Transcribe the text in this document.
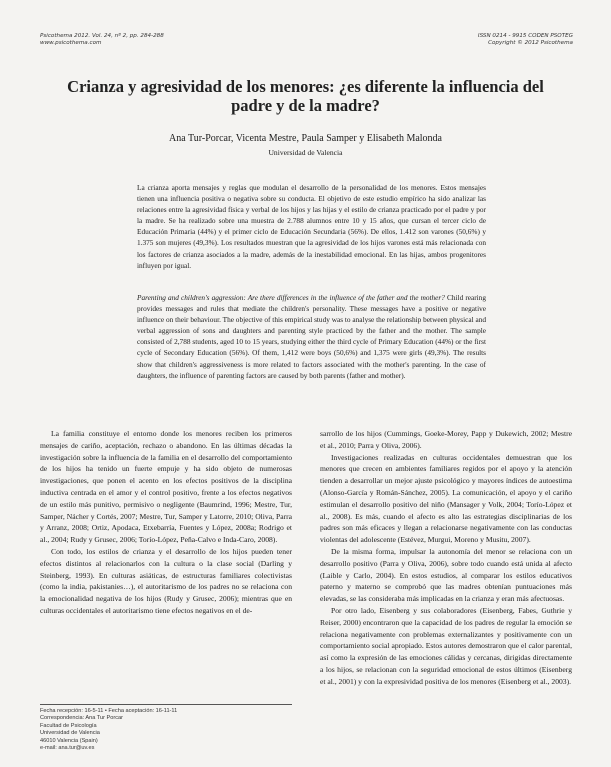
Psicothema 2012. Vol. 24, nº 2, pp. 284-288
www.psicothema.com
ISSN 0214 - 9915 CODEN PSOTEG
Copyright © 2012 Psicothema
Crianza y agresividad de los menores: ¿es diferente la influencia del padre y de la madre?
Ana Tur-Porcar, Vicenta Mestre, Paula Samper y Elisabeth Malonda
Universidad de Valencia

La crianza aporta mensajes y reglas que modulan el desarrollo de la personalidad de los menores. Estos mensajes tienen una influencia positiva o negativa sobre su conducta. El objetivo de este estudio empírico ha sido analizar las relaciones entre la agresividad física y verbal de los hijos y las hijas y el estilo de crianza practicado por el padre y por la madre. Se ha realizado sobre una muestra de 2.788 alumnos entre 10 y 15 años, que cursan el tercer ciclo de Educación Primaria (44%) y el primer ciclo de Educación Secundaria (56%). De ellos, 1.412 son varones (50,6%) y 1.375 son mujeres (49,3%). Los resultados muestran que la agresividad de los hijos varones está más relacionada con los factores de crianza asociados a la madre, además de la inestabilidad emocional. En las hijas, ambos progenitores influyen por igual.

Parenting and children's aggression: Are there differences in the influence of the father and the mother? Child rearing provides messages and rules that mediate the children's personality. These messages have a positive or negative influence on their behaviour. The objective of this empirical study was to analyse the relationship between physical and verbal aggression of sons and daughters and parenting style practiced by the father and the mother. The sample consisted of 2,788 students, aged 10 to 15 years, studying either the third cycle of Primary Education (44%) or the first cycle of Secondary Education (56%). Of them, 1,412 were boys (50,6%) and 1,375 were girls (49,3%). The results show that children's aggressiveness is more related to factors associated with the mother's parenting. In the case of daughters, the influence of parenting factors are caused by both parents (father and mother).

La familia constituye el entorno donde los menores reciben los primeros mensajes de cariño, aceptación, rechazo o abandono. En las últimas décadas la investigación sobre la influencia de la familia en el desarrollo del comportamiento de los hijos ha tenido un fuerte empuje y ha sido objeto de numerosas investigaciones, que ponen el acento en los efectos positivos de la disciplina inductiva centrada en el amor y el control positivo, frente a los efectos negativos de un estilo más punitivo, permisivo o negligente (Baumrind, 1996; Mestre, Tur, Samper, Nácher y Cortés, 2007; Mestre, Tur, Samper y Latorre, 2010; Oliva, Parra y Arranz, 2008; Ortiz, Apodaca, Etxebarría, Fuentes y López, 2008a; Rodrigo et al., 2004; Rudy y Grusec, 2006; Torío-López, Peña-Calvo e Inda-Caro, 2008).

Con todo, los estilos de crianza y el desarrollo de los hijos pueden tener efectos distintos al relacionarlos con la cultura o la clase social (Darling y Steinberg, 1993). En culturas asiáticas, de estructuras familiares colectivistas (como la india, pakistanies…), el autoritarismo de los padres no se relaciona con la emocionalidad negativa de los hijos (Rudy y Grusec, 2006); mientras que en culturas occidentales el autoritarismo tiene efectos negativos en el de-

sarrollo de los hijos (Cummings, Goeke-Morey, Papp y Dukewich, 2002; Mestre et al., 2010; Parra y Oliva, 2006).

Investigaciones realizadas en culturas occidentales demuestran que los menores que crecen en ambientes familiares regidos por el apoyo y la atención tienden a desarrollar un mejor ajuste psicológico y mayores índices de autoestima (Alonso-García y Román-Sánchez, 2005). La comunicación, el apoyo y el cariño estimulan el desarrollo positivo del niño (Mansager y Volk, 2004; Torío-López et al., 2008). Es más, cuando el afecto es alto las estrategias disciplinarias de los padres son más eficaces y llegan a relacionarse negativamente con las conductas violentas del adolescente (Estévez, Murgui, Moreno y Musitu, 2007).

De la misma forma, impulsar la autonomía del menor se relaciona con un desarrollo positivo (Parra y Oliva, 2006), sobre todo cuando está unida al afecto (Laible y Carlo, 2004). En estos estudios, al comparar los estilos educativos paterno y materno se comprobó que las madres obtenían puntuaciones más elevadas, se las consideraba más implicadas en la crianza y eran más afectuosas.

Por otro lado, Eisenberg y sus colaboradores (Eisenberg, Fabes, Guthrie y Reiser, 2000) encontraron que la capacidad de los padres de regular la emoción se relaciona negativamente con problemas externalizantes y positivamente con un comportamiento social apropiado. Estos autores demostraron que el calor parental, así como la expresión de las emociones cálidas y cercanas, dirigidas directamente a los hijos, se relacionan con la seguridad emocional de estos últimos (Eisenberg et al., 2001) y con la expresividad positiva de los menores (Eisenberg et al., 2003).

Fecha recepción: 16-5-11 • Fecha aceptación: 16-11-11
Correspondencia: Ana Tur Porcar
Facultad de Psicología
Universidad de Valencia
46010 Valencia (Spain)
e-mail: ana.tur@uv.es
